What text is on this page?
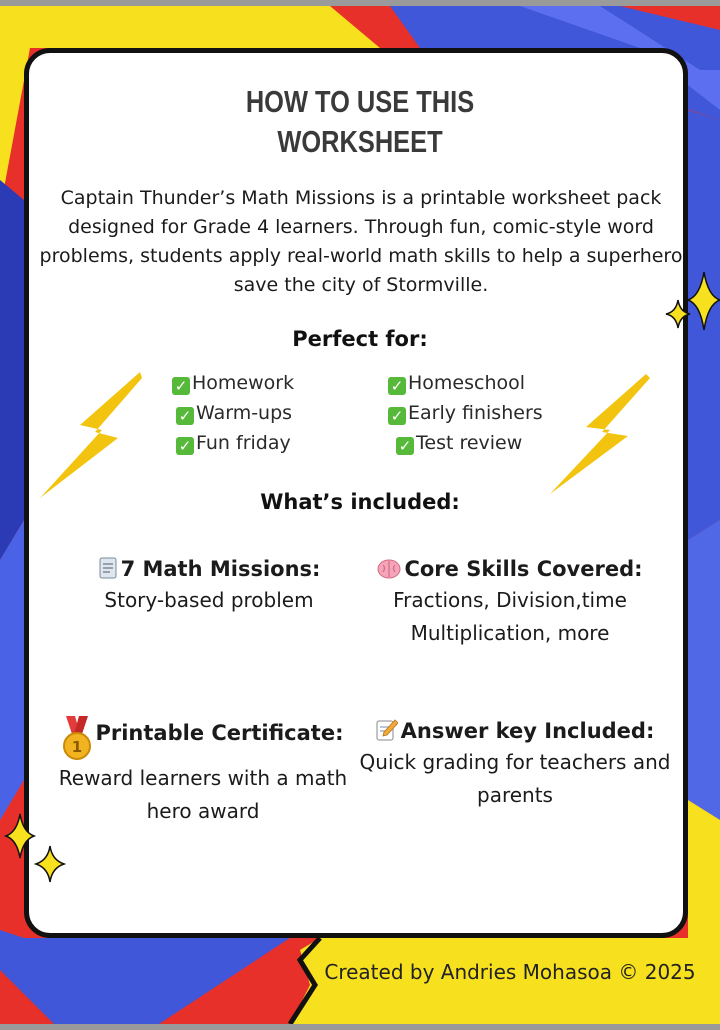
HOW TO USE THIS
WORKSHEET
Captain Thunder’s Math Missions is a printable worksheet pack designed for Grade 4 learners. Through fun, comic-style word problems, students apply real-world math skills to help a superhero save the city of Stormville.
Perfect for:
✓ Homework
✓ Warm-ups
✓ Fun friday
✓ Homeschool
✓ Early finishers
✓ Test review
What’s included:
7 Math Missions:
Story-based problem
Core Skills Covered:
Fractions, Division,time Multiplication, more
1
Printable Certificate:
Reward learners with a math hero award
Answer key Included:
Quick grading for teachers and parents
Created by Andries Mohasoa © 2025
